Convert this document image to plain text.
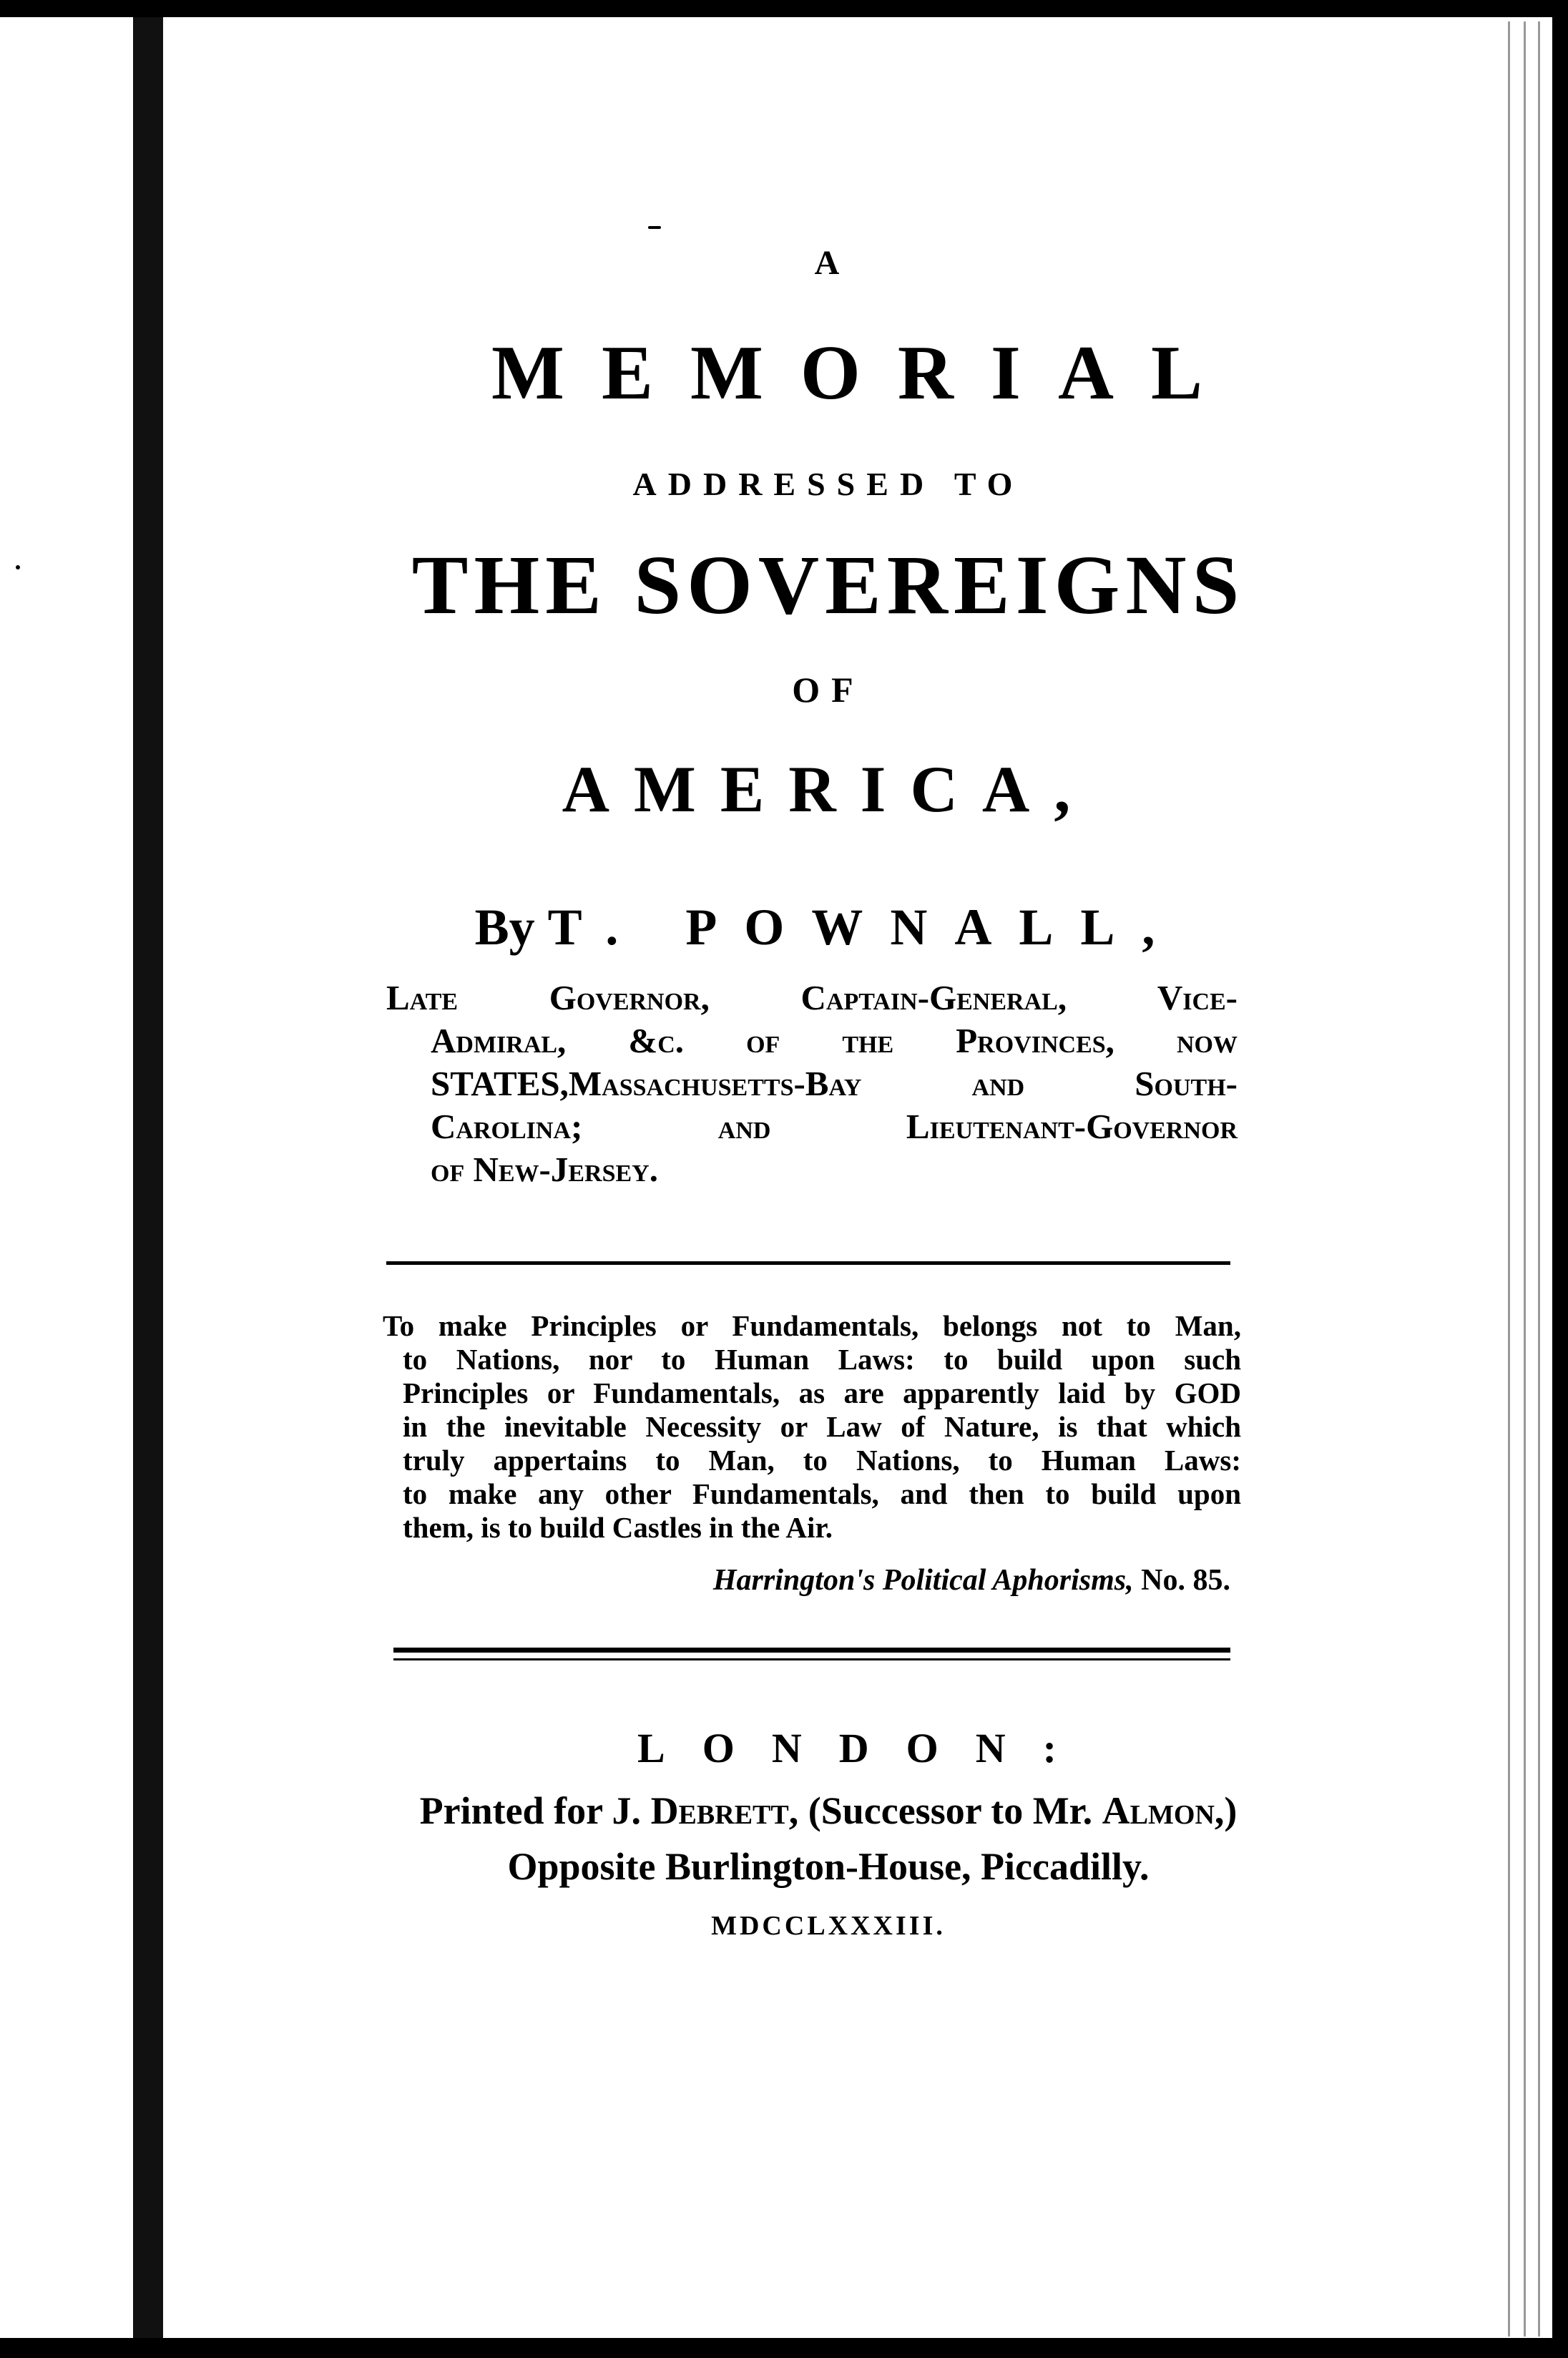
A
MEMORIAL
ADDRESSED TO
THE SOVEREIGNS
OF
AMERICA,
By T. POWNALL,
Late Governor, Captain-General, Vice-
Admiral, &c. of the Provinces, now
STATES,Massachusetts-Bay and South-
Carolina; and Lieutenant-Governor
of New-Jersey.
To make Principles or Fundamentals, belongs not to Man,
to Nations, nor to Human Laws: to build upon such
Principles or Fundamentals, as are apparently laid by GOD
in the inevitable Necessity or Law of Nature, is that which
truly appertains to Man, to Nations, to Human Laws:
to make any other Fundamentals, and then to build upon
them, is to build Castles in the Air.
Harrington's Political Aphorisms, No. 85.
LONDON:
Printed for J. Debrett, (Successor to Mr. Almon,)
Opposite Burlington-House, Piccadilly.
MDCCLXXXIII.
